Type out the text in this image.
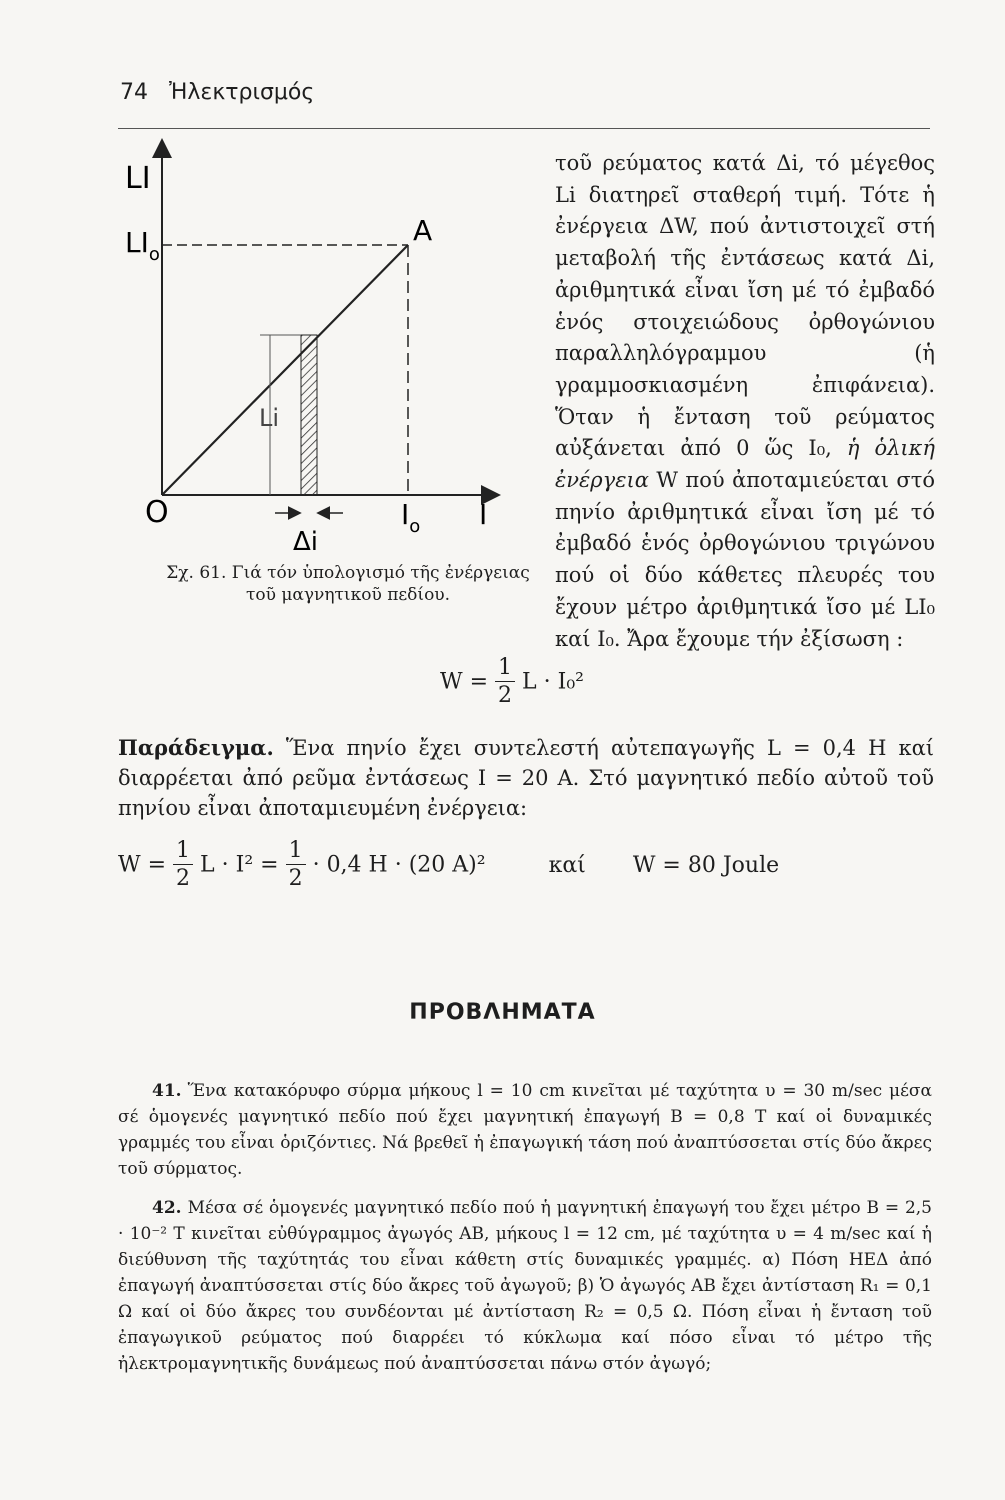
74 Ἠλεκτρισμός
LI
$LI_o$
A
Li
O	$I_o$ I
Δi
Σχ. 61. Γιά τόν ὑπολογισμό τῆς ἐνέργειας
τοῦ μαγνητικοῦ πεδίου.

τοῦ ρεύματος κατά Δi, τό μέγεθος Li διατηρεῖ σταθερή τιμή. Τότε ἡ ἐνέργεια ΔW, πού ἀντιστοιχεῖ στή μεταβολή τῆς ἐντάσεως κατά Δi, ἀριθμητικά εἶναι ἴση μέ τό ἐμβαδό ἑνός στοιχειώδους ὀρθογώνιου παραλληλόγραμμου (ἡ γραμμοσκιασμένη ἐπιφάνεια). Ὅταν ἡ ἔνταση τοῦ ρεύματος αὐξάνεται ἀπό 0 ὥς I₀, ἡ ὁλική ἐνέργεια W πού ἀποταμιεύεται στό πηνίο ἀριθμητικά εἶναι ἴση μέ τό ἐμβαδό ἑνός ὀρθογώνιου τριγώνου πού οἱ δύο κάθετες πλευρές του ἔχουν μέτρο ἀριθμητικά ἴσο μέ LI₀ καί I₀. Ἄρα ἔχουμε τήν ἐξίσωση :

$W = \frac{1}{2}$ L · I₀²
Παράδειγμα. Ἕνα πηνίο ἔχει συντελεστή αὐτεπαγωγῆς L = 0,4 H καί διαρρέεται ἀπό ρεῦμα ἐντάσεως I = 20 A. Στό μαγνητικό πεδίο αὐτοῦ τοῦ πηνίου εἶναι ἀποταμιευμένη ἐνέργεια:
$W = \frac{1}{2}$ $L \cdot I^2 = \frac{1}{2} \cdot 0,4$ H · (20 A)²	καί W = 80 Joule
ΠΡΟΒΛΗΜΑΤΑ
41. Ἕνα κατακόρυφο σύρμα μήκους l = 10 cm κινεῖται μέ ταχύτητα υ = 30 m/sec μέσα σέ ὁμογενές μαγνητικό πεδίο πού ἔχει μαγνητική ἐπαγωγή B = 0,8 T καί οἱ δυναμικές γραμμές του εἶναι ὁριζόντιες. Νά βρεθεῖ ἡ ἐπαγωγική τάση πού ἀναπτύσσεται στίς δύο ἄκρες τοῦ σύρματος.
42. Μέσα σέ ὁμογενές μαγνητικό πεδίο πού ἡ μαγνητική ἐπαγωγή του ἔχει μέτρο B = 2,5 · 10⁻² T κινεῖται εὐθύγραμμος ἀγωγός AB, μήκους l = 12 cm, μέ ταχύτητα υ = 4 m/sec καί ἡ διεύθυνση τῆς ταχύτητάς του εἶναι κάθετη στίς δυναμικές γραμμές. α) Πόση ΗΕΔ ἀπό ἐπαγωγή ἀναπτύσσεται στίς δύο ἄκρες τοῦ ἀγωγοῦ; β) Ὁ ἀγωγός AB ἔχει ἀντίσταση R₁ = 0,1 Ω καί οἱ δύο ἄκρες του συνδέονται μέ ἀντίσταση R₂ = 0,5 Ω. Πόση εἶναι ἡ ἔνταση τοῦ ἐπαγωγικοῦ ρεύματος πού διαρρέει τό κύκλωμα καί πόσο εἶναι τό μέτρο τῆς ἠλεκτρομαγνητικῆς δυνάμεως πού ἀναπτύσσεται πάνω στόν ἀγωγό;
